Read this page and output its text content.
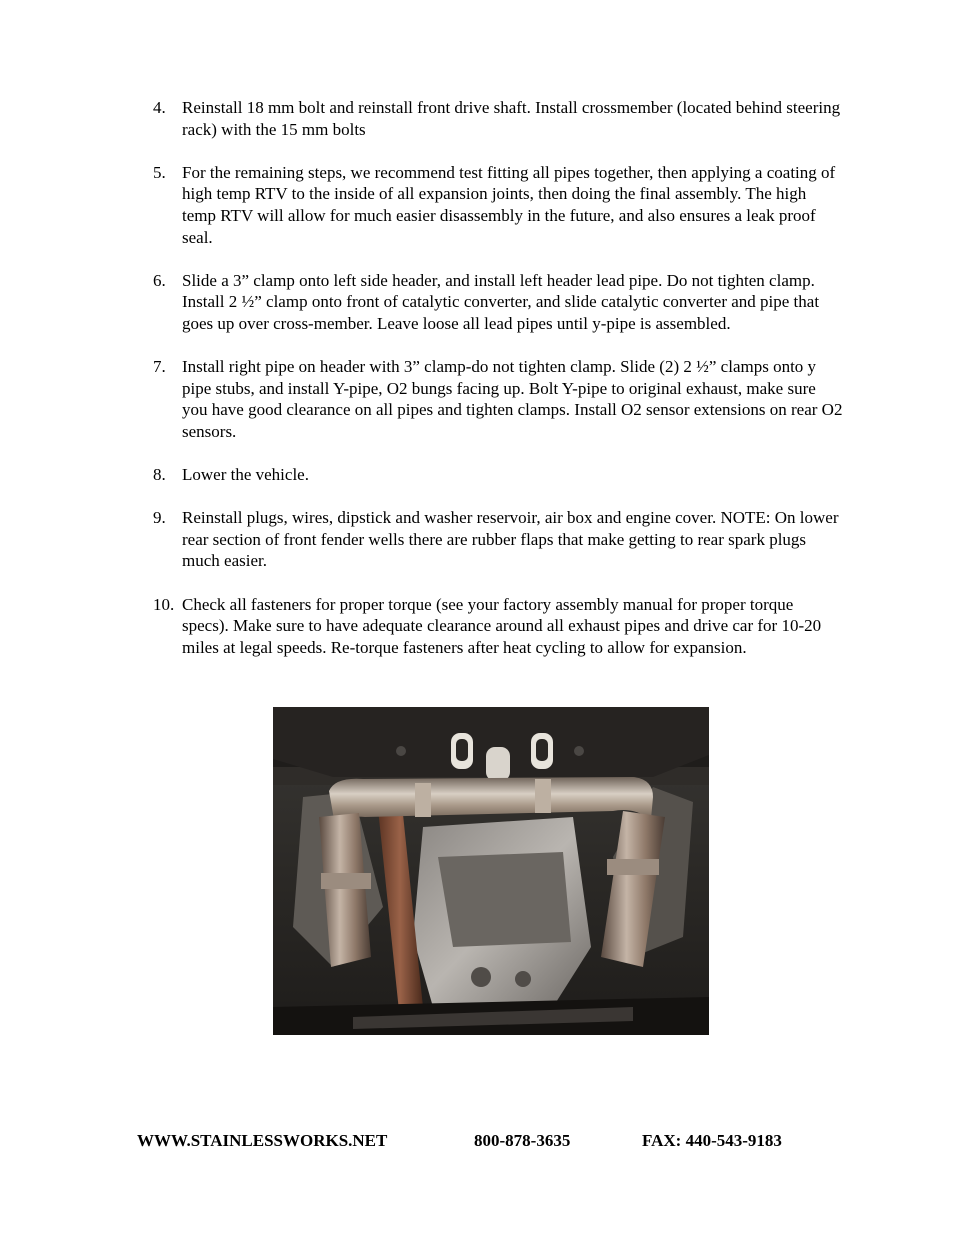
4. Reinstall 18 mm bolt and reinstall front drive shaft. Install crossmember (located behind steering rack) with the 15 mm bolts
5. For the remaining steps, we recommend test fitting all pipes together, then applying a coating of high temp RTV to the inside of all expansion joints, then doing the final assembly. The high temp RTV will allow for much easier disassembly in the future, and also ensures a leak proof seal.
6. Slide a 3” clamp onto left side header, and install left header lead pipe. Do not tighten clamp. Install 2 ½” clamp onto front of catalytic converter, and slide catalytic converter and pipe that goes up over cross-member. Leave loose all lead pipes until y-pipe is assembled.
7. Install right pipe on header with 3” clamp-do not tighten clamp. Slide (2) 2 ½” clamps onto y pipe stubs, and install Y-pipe, O2 bungs facing up. Bolt Y-pipe to original exhaust, make sure you have good clearance on all pipes and tighten clamps. Install O2 sensor extensions on rear O2 sensors.
8. Lower the vehicle.
9. Reinstall plugs, wires, dipstick and washer reservoir, air box and engine cover. NOTE: On lower rear section of front fender wells there are rubber flaps that make getting to rear spark plugs much easier.
10. Check all fasteners for proper torque (see your factory assembly manual for proper torque specs). Make sure to have adequate clearance around all exhaust pipes and drive car for 10-20 miles at legal speeds. Re-torque fasteners after heat cycling to allow for expansion.
WWW.STAINLESSWORKS.NET	800-878-3635	FAX: 440-543-9183
